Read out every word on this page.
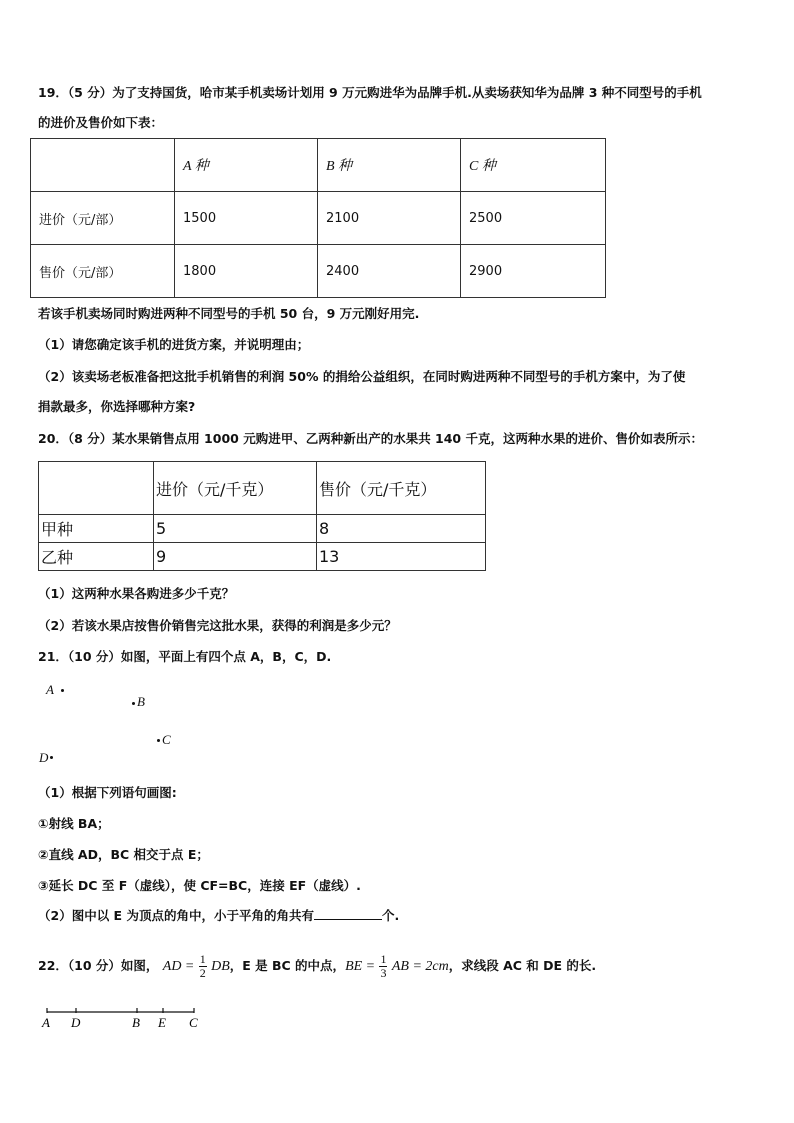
19．（5 分）为了支持国货，哈市某手机卖场计划用 9 万元购进华为品牌手机.从卖场获知华为品牌 3 种不同型号的手机
的进价及售价如下表：
	A 种	B 种	C 种
进价（元/部）	1500	2100	2500
售价（元/部）	1800	2400	2900
若该手机卖场同时购进两种不同型号的手机 50 台，9 万元刚好用完.
（1）请您确定该手机的进货方案，并说明理由；
（2）该卖场老板准备把这批手机销售的利润 50% 的捐给公益组织，在同时购进两种不同型号的手机方案中，为了使
捐款最多，你选择哪种方案?
20．（8 分）某水果销售点用 1000 元购进甲、乙两种新出产的水果共 140 千克，这两种水果的进价、售价如表所示：
	进价（元/千克）	售价（元/千克）
甲种	5	8
乙种	9	13
（1）这两种水果各购进多少千克？
（2）若该水果店按售价销售完这批水果，获得的利润是多少元？
21．（10 分）如图，平面上有四个点 A，B，C，D.
A
B
C
D
（1）根据下列语句画图:
①射线 BA；
②直线 AD，BC 相交于点 E；
③延长 DC 至 F（虚线），使 CF=BC，连接 EF（虚线）.
（2）图中以 E 为顶点的角中，小于平角的角共有	个.
22．（10 分）如图， AD = $\frac{1}{2}$ DB，E 是 BC 的中点，BE = $\frac{1}{3}$ AB = 2cm，求线段 AC 和 DE 的长.
A D	B E C
